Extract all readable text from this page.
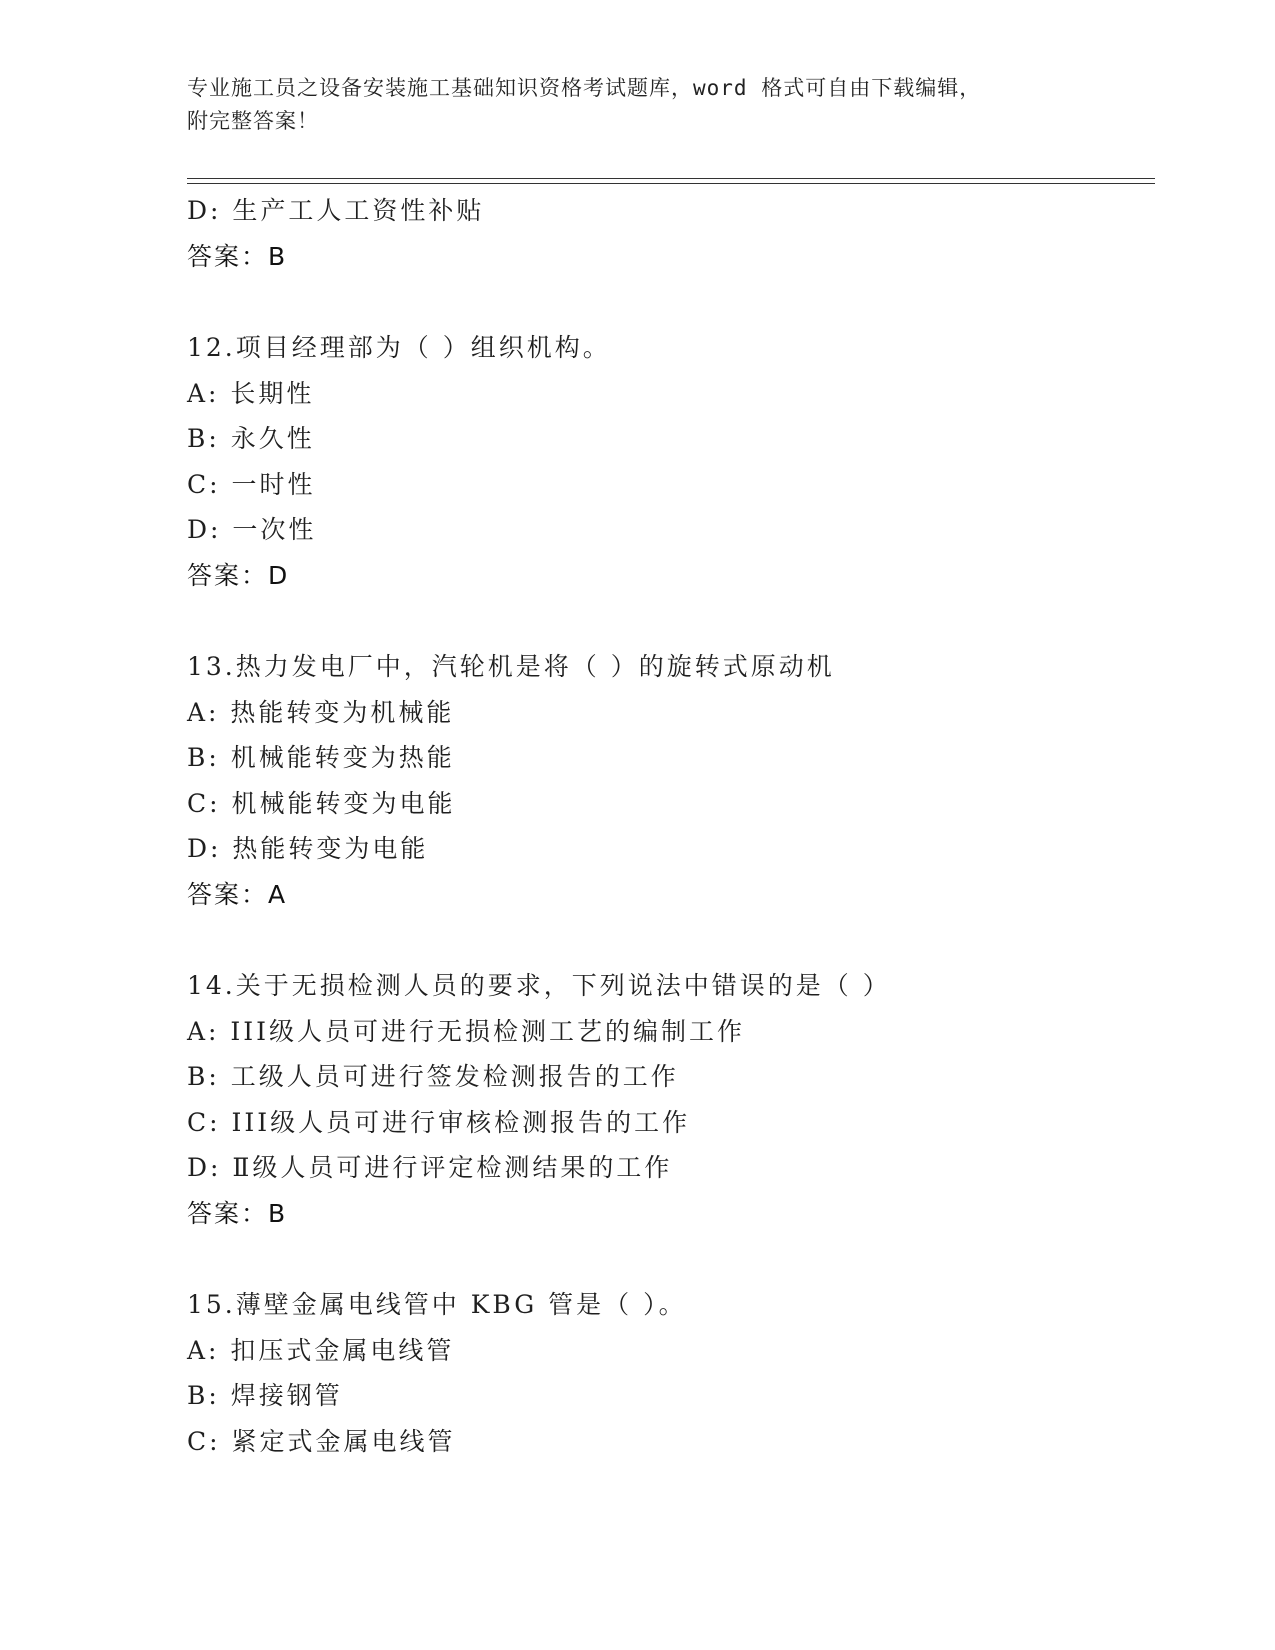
专业施工员之设备安装施工基础知识资格考试题库，word 格式可自由下载编辑，
附完整答案！
D: 生产工人工资性补贴
答案：B
12.项目经理部为（ ）组织机构。
A: 长期性
B: 永久性
C: 一时性
D: 一次性
答案：D
13.热力发电厂中，汽轮机是将（ ）的旋转式原动机
A: 热能转变为机械能
B: 机械能转变为热能
C: 机械能转变为电能
D: 热能转变为电能
答案：A
14.关于无损检测人员的要求，下列说法中错误的是（ ）
A: III级人员可进行无损检测工艺的编制工作
B: 工级人员可进行签发检测报告的工作
C: III级人员可进行审核检测报告的工作
D: Ⅱ级人员可进行评定检测结果的工作
答案：B
15.薄壁金属电线管中 KBG 管是（ ）。
A: 扣压式金属电线管
B: 焊接钢管
C: 紧定式金属电线管
